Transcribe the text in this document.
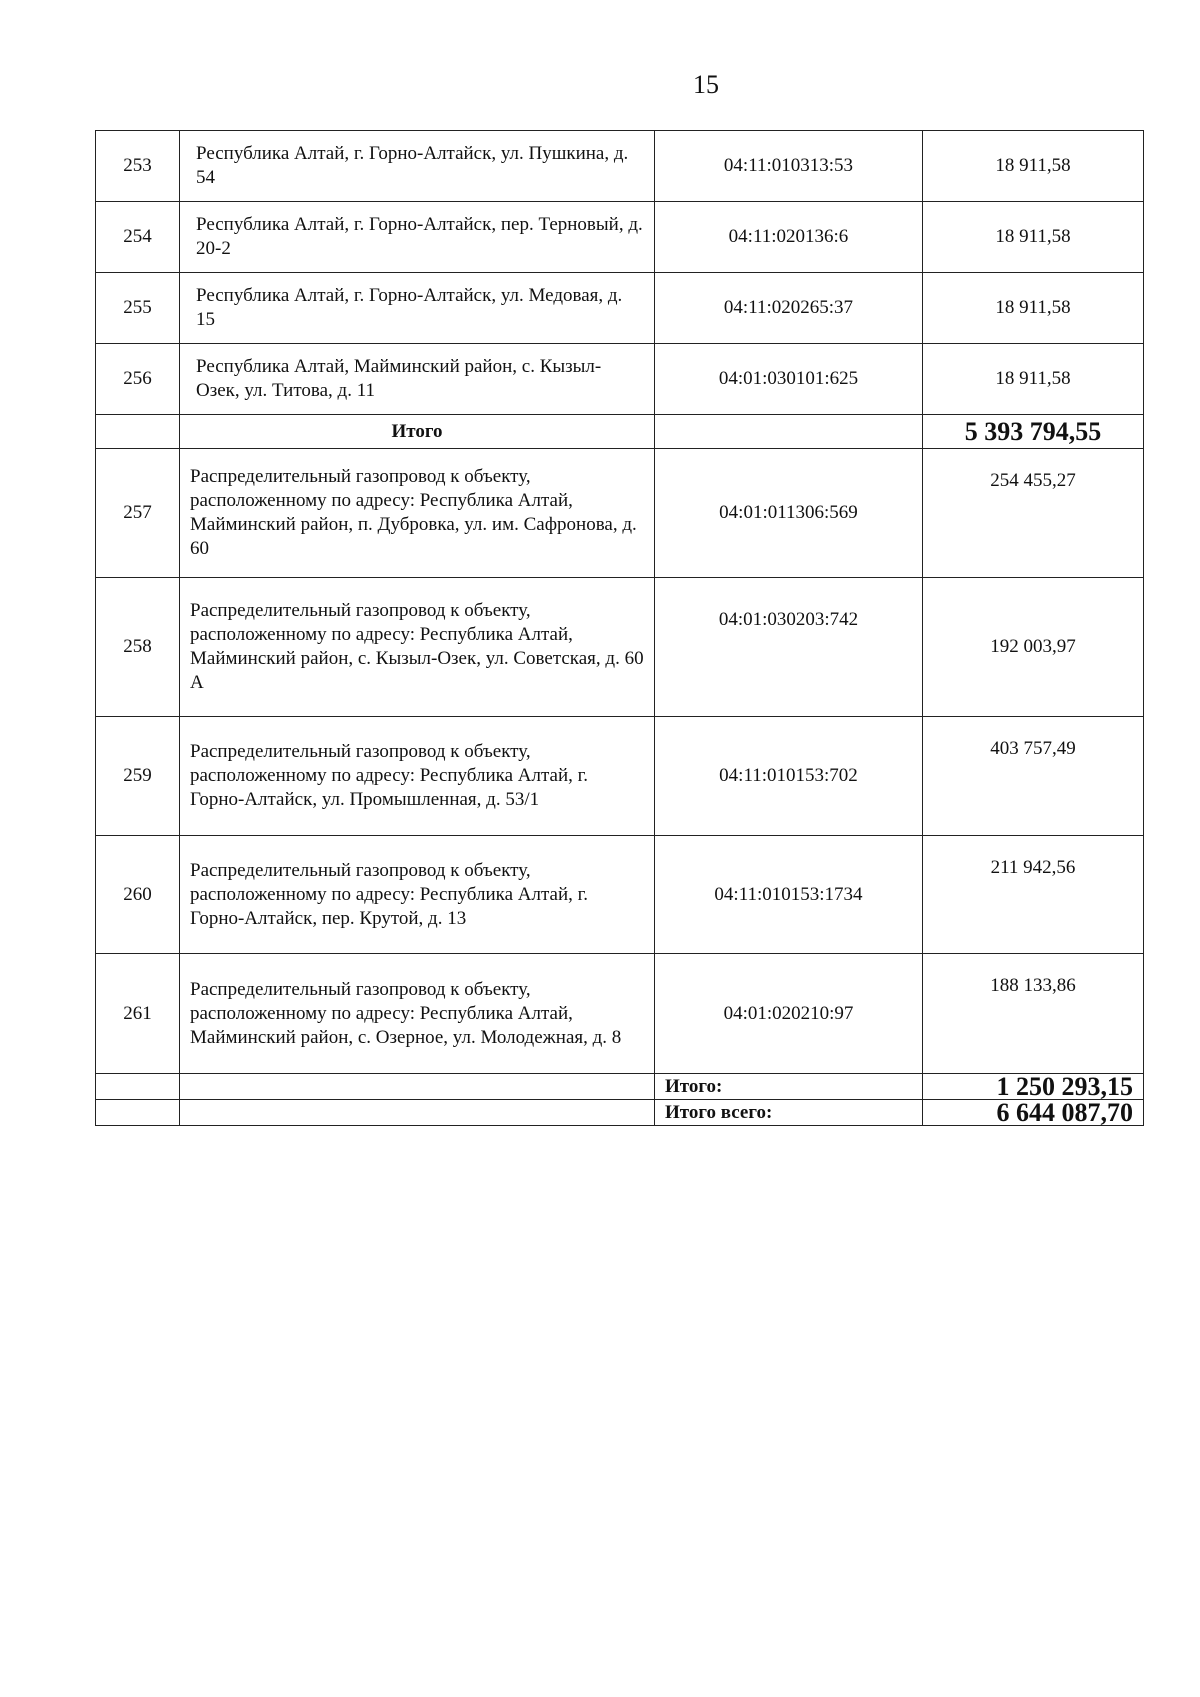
15
253	Республика Алтай, г. Горно-Алтайск, ул. Пушкина, д. 54	04:11:010313:53	18 911,58
254	Республика Алтай, г. Горно-Алтайск, пер. Терновый, д. 20-2	04:11:020136:6	18 911,58
255	Республика Алтай, г. Горно-Алтайск, ул. Медовая, д. 15	04:11:020265:37	18 911,58
256	Республика Алтай, Майминский район, с. Кызыл-Озек, ул. Титова, д. 11	04:01:030101:625	18 911,58
	Итого		5 393 794,55
257	Распределительный газопровод к объекту, расположенному по адресу: Республика Алтай, Майминский район, п. Дубровка, ул. им. Сафронова, д. 60	04:01:011306:569	254 455,27
258	Распределительный газопровод к объекту, расположенному по адресу: Республика Алтай, Майминский район, с. Кызыл-Озек, ул. Советская, д. 60 А	04:01:030203:742	192 003,97
259	Распределительный газопровод к объекту, расположенному по адресу: Республика Алтай, г. Горно-Алтайск, ул. Промышленная, д. 53/1	04:11:010153:702	403 757,49
260	Распределительный газопровод к объекту, расположенному по адресу: Республика Алтай, г. Горно-Алтайск, пер. Крутой, д. 13	04:11:010153:1734	211 942,56
261	Распределительный газопровод к объекту, расположенному по адресу: Республика Алтай, Майминский район, с. Озерное, ул. Молодежная, д. 8	04:01:020210:97	188 133,86
		Итого:	1 250 293,15
		Итого всего:	6 644 087,70
